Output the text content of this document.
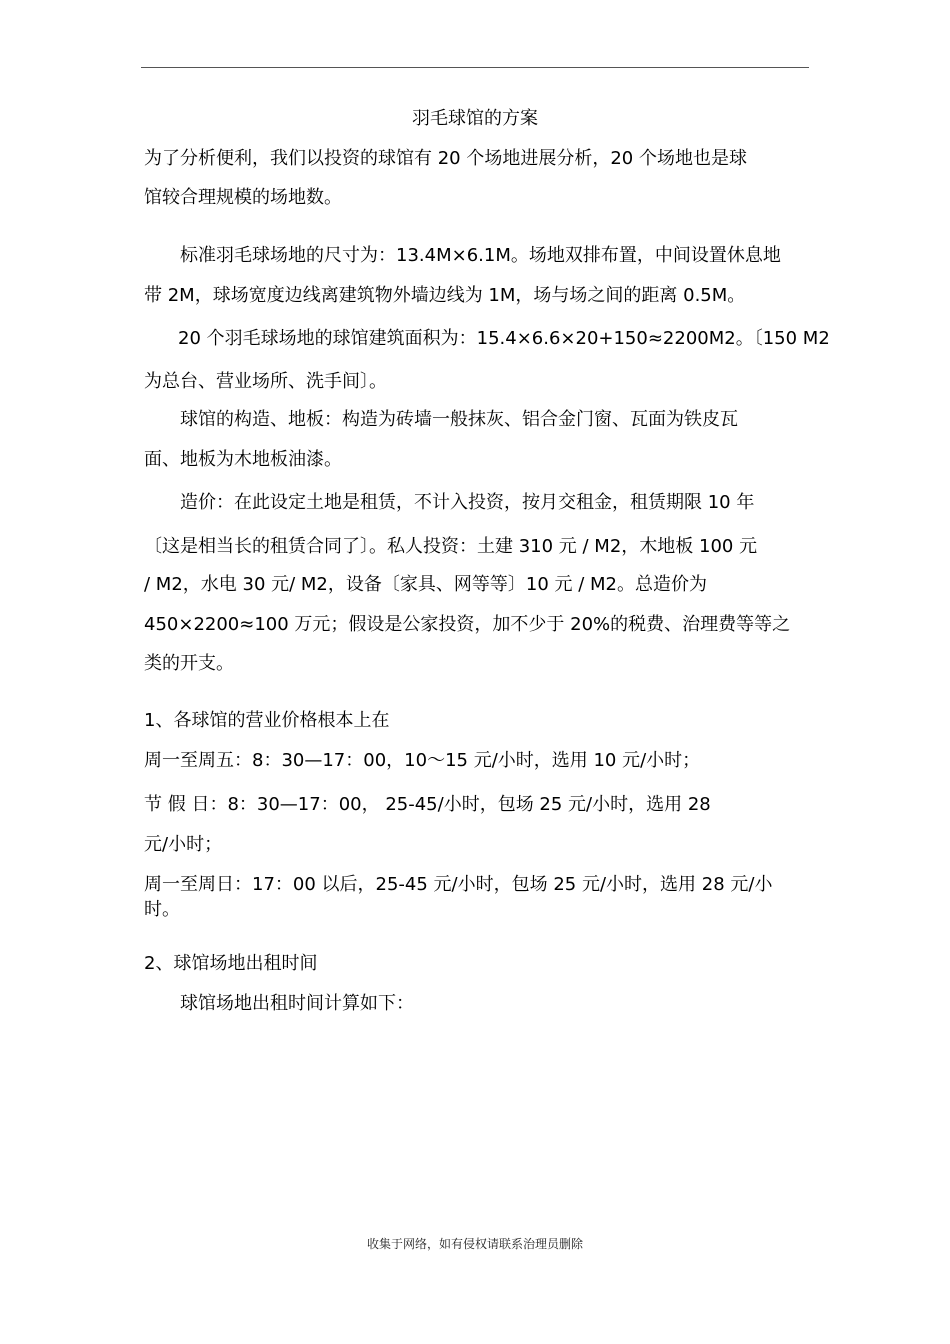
羽毛球馆的方案
为了分析便利，我们以投资的球馆有 20 个场地进展分析，20 个场地也是球
馆较合理规模的场地数。
标准羽毛球场地的尺寸为：13.4M×6.1M。场地双排布置，中间设置休息地
带 2M，球场宽度边线离建筑物外墙边线为 1M，场与场之间的距离 0.5M。
20 个羽毛球场地的球馆建筑面积为：15.4×6.6×20+150≈2200M2。〔150 M2
为总台、营业场所、洗手间〕。
球馆的构造、地板：构造为砖墙一般抹灰、铝合金门窗、瓦面为铁皮瓦
面、地板为木地板油漆。
造价：在此设定土地是租赁，不计入投资，按月交租金，租赁期限 10 年
〔这是相当长的租赁合同了〕。私人投资：土建 310 元 / M2，木地板 100 元
/ M2，水电 30 元/ M2，设备〔家具、网等等〕10 元 / M2。总造价为
450×2200≈100 万元；假设是公家投资，加不少于 20%的税费、治理费等等之
类的开支。
1、各球馆的营业价格根本上在
周一至周五：8：30—17：00，10～15 元/小时，选用 10 元/小时；
节 假 日：8：30—17：00， 25-45/小时，包场 25 元/小时，选用 28
元/小时；
周一至周日：17：00 以后，25-45 元/小时，包场 25 元/小时，选用 28 元/小
时。
2、球馆场地出租时间
球馆场地出租时间计算如下：
收集于网络，如有侵权请联系治理员删除
